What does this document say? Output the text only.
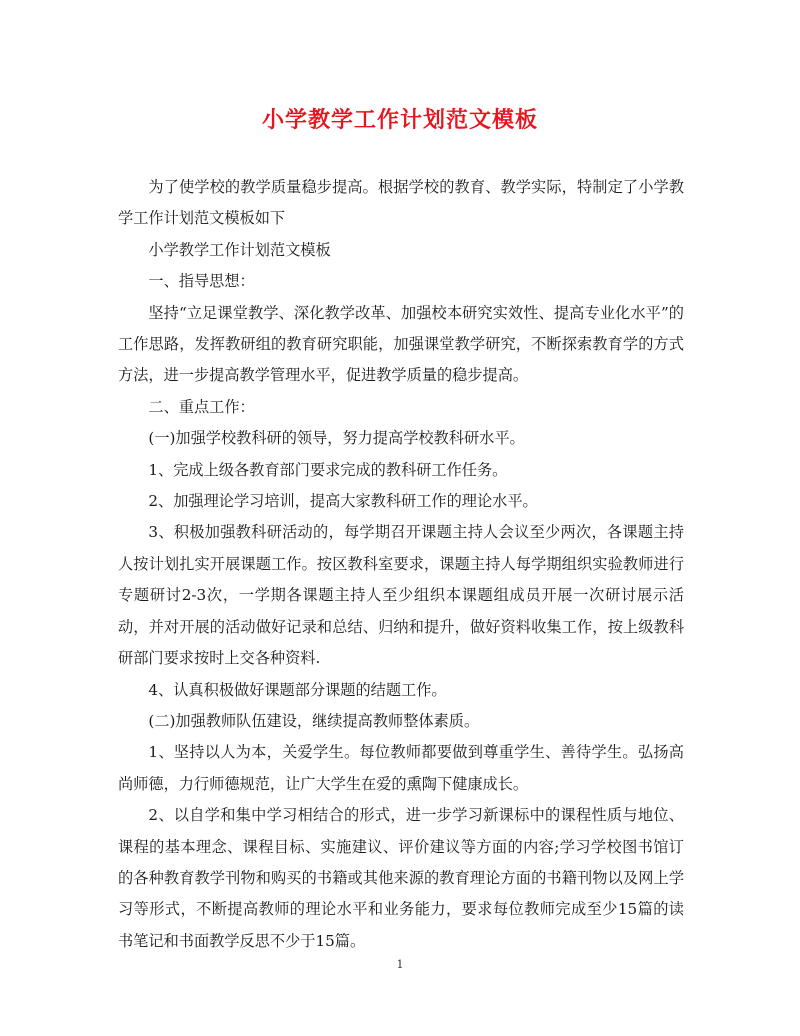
小学教学工作计划范文模板

为了使学校的教学质量稳步提高。根据学校的教育、教学实际，特制定了小学教学工作计划范文模板如下

小学教学工作计划范文模板

一、指导思想：

坚持“立足课堂教学、深化教学改革、加强校本研究实效性、提高专业化水平”的工作思路，发挥教研组的教育研究职能，加强课堂教学研究，不断探索教育学的方式方法，进一步提高教学管理水平，促进教学质量的稳步提高。

二、重点工作：

(一)加强学校教科研的领导，努力提高学校教科研水平。

1、完成上级各教育部门要求完成的教科研工作任务。

2、加强理论学习培训，提高大家教科研工作的理论水平。

3、积极加强教科研活动的，每学期召开课题主持人会议至少两次，各课题主持人按计划扎实开展课题工作。按区教科室要求，课题主持人每学期组织实验教师进行专题研讨2-3次，一学期各课题主持人至少组织本课题组成员开展一次研讨展示活动，并对开展的活动做好记录和总结、归纳和提升，做好资料收集工作，按上级教科研部门要求按时上交各种资料.

4、认真积极做好课题部分课题的结题工作。

(二)加强教师队伍建设，继续提高教师整体素质。

1、坚持以人为本，关爱学生。每位教师都要做到尊重学生、善待学生。弘扬高尚师德，力行师德规范，让广大学生在爱的熏陶下健康成长。

2、以自学和集中学习相结合的形式，进一步学习新课标中的课程性质与地位、课程的基本理念、课程目标、实施建议、评价建议等方面的内容;学习学校图书馆订的各种教育教学刊物和购买的书籍或其他来源的教育理论方面的书籍刊物以及网上学习等形式，不断提高教师的理论水平和业务能力，要求每位教师完成至少15篇的读书笔记和书面教学反思不少于15篇。

1
